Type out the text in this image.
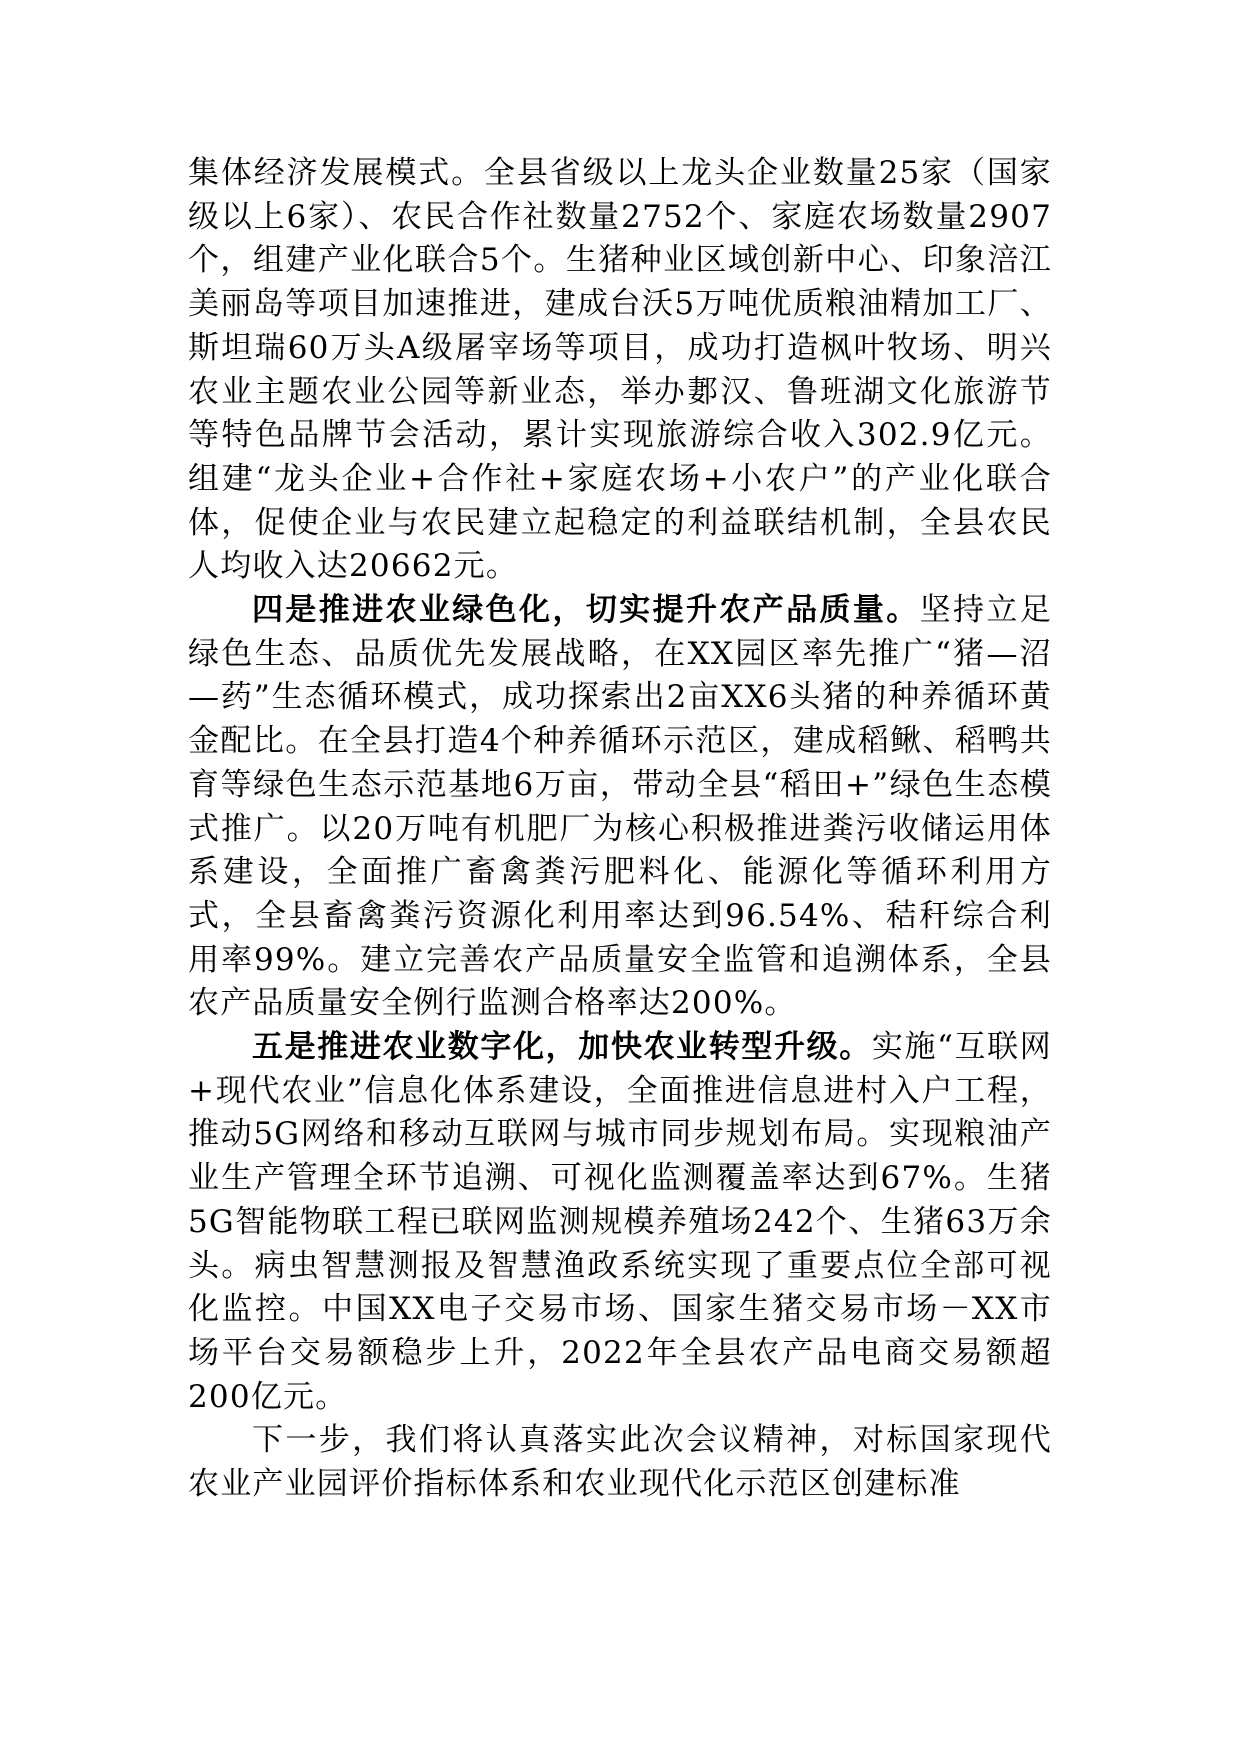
集体经济发展模式。全县省级以上龙头企业数量25家（国家级以上6家）、农民合作社数量2752个、家庭农场数量2907个，组建产业化联合5个。生猪种业区域创新中心、印象涪江美丽岛等项目加速推进，建成台沃5万吨优质粮油精加工厂、斯坦瑞60万头A级屠宰场等项目，成功打造枫叶牧场、明兴农业主题农业公园等新业态，举办郪汉、鲁班湖文化旅游节等特色品牌节会活动，累计实现旅游综合收入302.9亿元。组建“龙头企业+合作社+家庭农场+小农户”的产业化联合体，促使企业与农民建立起稳定的利益联结机制，全县农民人均收入达20662元。

四是推进农业绿色化，切实提升农产品质量。坚持立足绿色生态、品质优先发展战略，在XX园区率先推广“猪—沼—药”生态循环模式，成功探索出2亩XX6头猪的种养循环黄金配比。在全县打造4个种养循环示范区，建成稻鳅、稻鸭共育等绿色生态示范基地6万亩，带动全县“稻田+”绿色生态模式推广。以20万吨有机肥厂为核心积极推进粪污收储运用体系建设，全面推广畜禽粪污肥料化、能源化等循环利用方式，全县畜禽粪污资源化利用率达到96.54%、秸秆综合利用率99%。建立完善农产品质量安全监管和追溯体系，全县农产品质量安全例行监测合格率达200%。

五是推进农业数字化，加快农业转型升级。实施“互联网+现代农业”信息化体系建设，全面推进信息进村入户工程，推动5G网络和移动互联网与城市同步规划布局。实现粮油产业生产管理全环节追溯、可视化监测覆盖率达到67%。生猪5G智能物联工程已联网监测规模养殖场242个、生猪63万余头。病虫智慧测报及智慧渔政系统实现了重要点位全部可视化监控。中国XX电子交易市场、国家生猪交易市场－XX市场平台交易额稳步上升，2022年全县农产品电商交易额超200亿元。

下一步，我们将认真落实此次会议精神，对标国家现代农业产业园评价指标体系和农业现代化示范区创建标准
